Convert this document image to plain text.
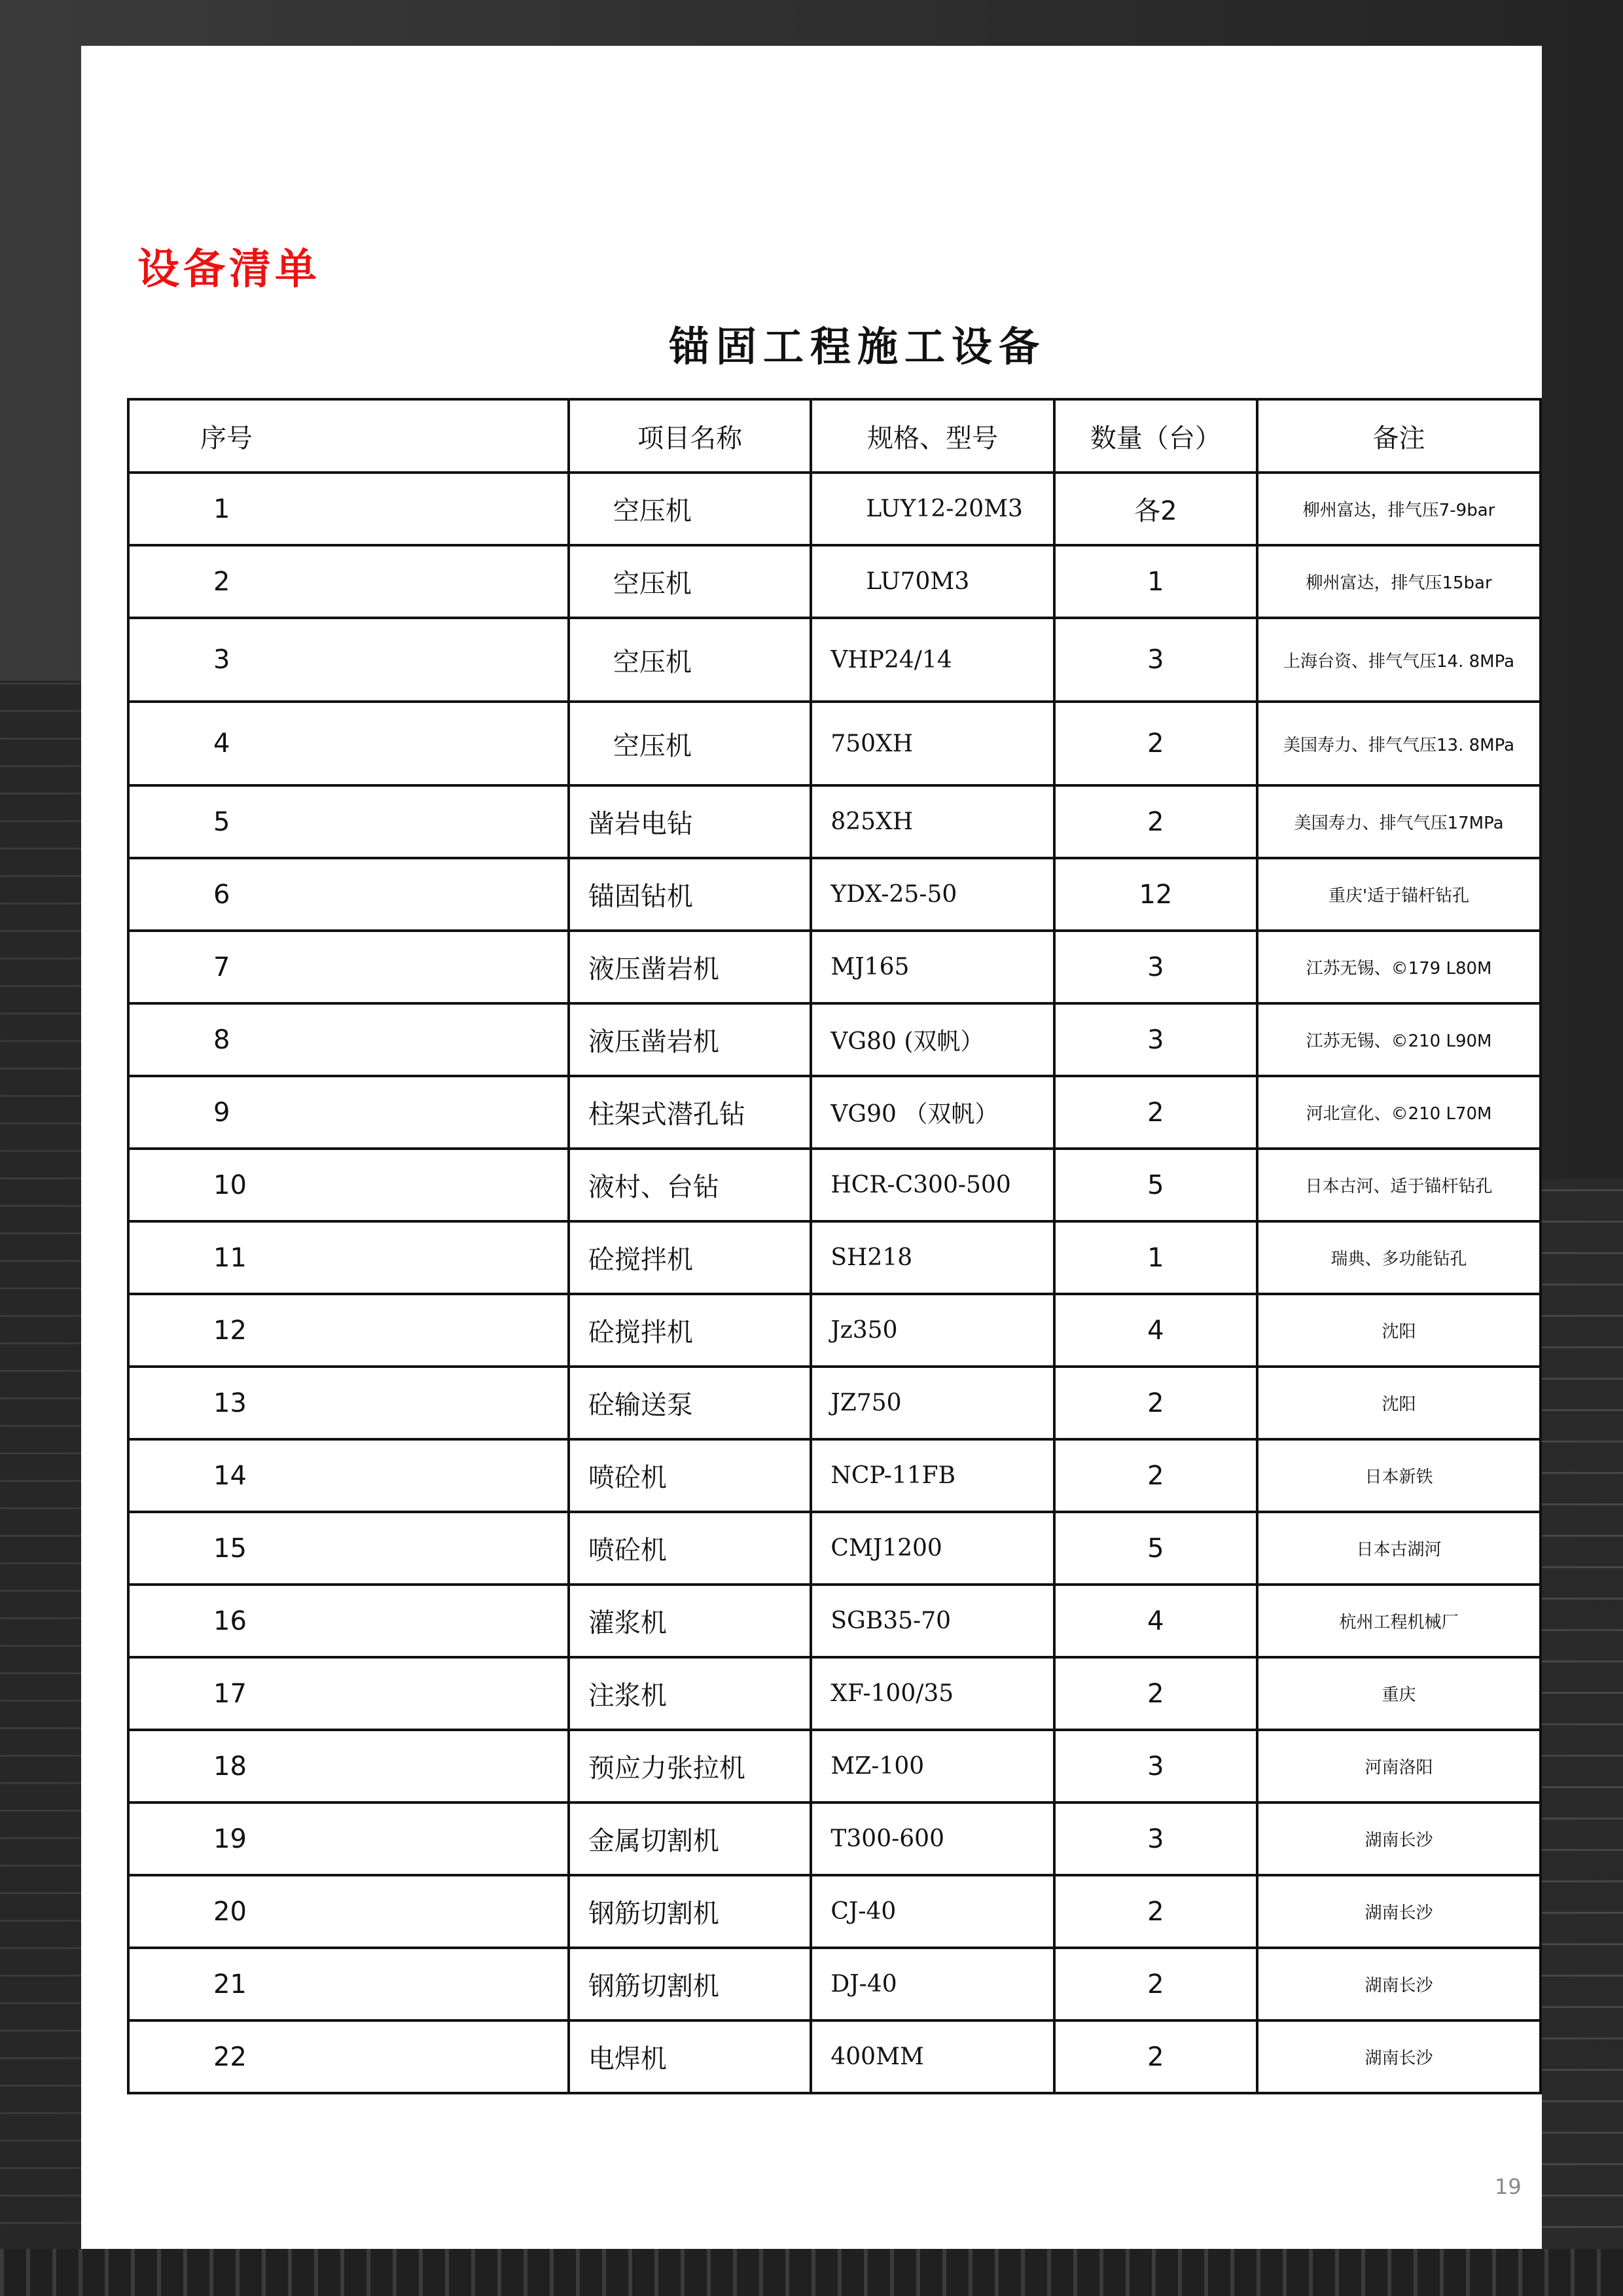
设备清单
锚固工程施工设备
序号	项目名称	规格、型号	数量（台）	备注
1	空压机	LUY12-20M3	各2	柳州富达，排气压7-9bar
2	空压机	LU70M3	1	柳州富达，排气压15bar
3	空压机	VHP24/14	3	上海台资、排气气压14. 8MPa
4	空压机	750XH	2	美国寿力、排气气压13. 8MPa
5	凿岩电钻	825XH	2	美国寿力、排气气压17MPa
6	锚固钻机	YDX-25-50	12	重庆'适于锚杆钻孔
7	液压凿岩机	MJ165	3	江苏无锡、©179 L80M
8	液压凿岩机	VG80 (双帆）	3	江苏无锡、©210 L90M
9	柱架式潜孔钻	VG90 （双帆）	2	河北宣化、©210 L70M
10	液村、台钻	HCR-C300-500	5	日本古河、适于锚杆钻孔
11	砼搅拌机	SH218	1	瑞典、多功能钻孔
12	砼搅拌机	Jz350	4	沈阳
13	砼输送泵	JZ750	2	沈阳
14	喷砼机	NCP-11FB	2	日本新铁
15	喷砼机	CMJ1200	5	日本古湖河
16	灌浆机	SGB35-70	4	杭州工程机械厂
17	注浆机	XF-100/35	2	重庆
18	预应力张拉机	MZ-100	3	河南洛阳
19	金属切割机	T300-600	3	湖南长沙
20	钢筋切割机	CJ-40	2	湖南长沙
21	钢筋切割机	DJ-40	2	湖南长沙
22	电焊机	400MM	2	湖南长沙
19
